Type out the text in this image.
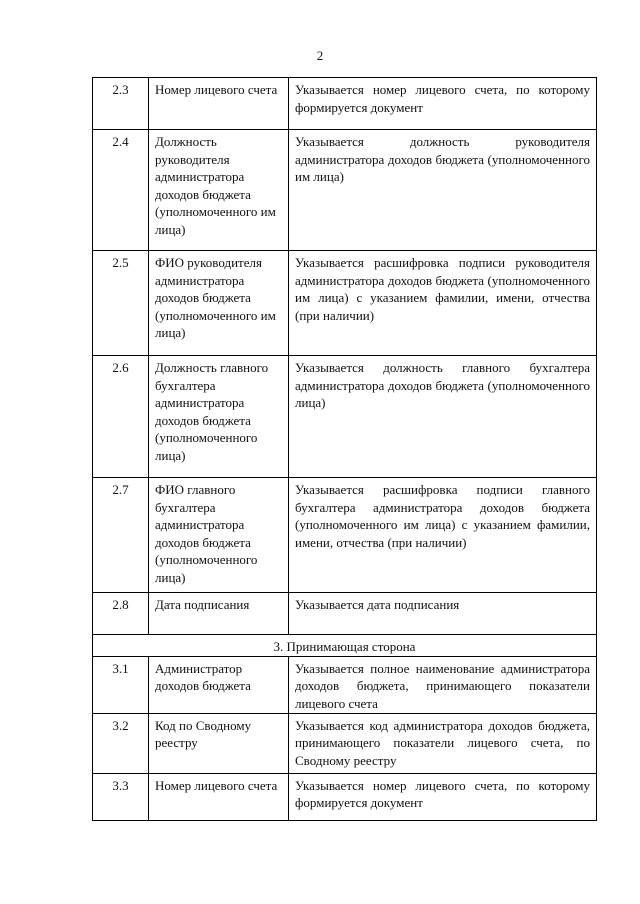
2
2.3	Номер лицевого счета	Указывается номер лицевого счета, по которому формируется документ
2.4	Должность руководителя администратора доходов бюджета (уполномоченного им лица)	Указывается должность руководителя администратора доходов бюджета (уполномоченного им лица)
2.5	ФИО руководителя администратора доходов бюджета (уполномоченного им лица)	Указывается расшифровка подписи руководителя администратора доходов бюджета (уполномоченного им лица) с указанием фамилии, имени, отчества (при наличии)
2.6	Должность главного бухгалтера администратора доходов бюджета (уполномоченного лица)	Указывается должность главного бухгалтера администратора доходов бюджета (уполномоченного лица)
2.7	ФИО главного бухгалтера администратора доходов бюджета (уполномоченного лица)	Указывается расшифровка подписи главного бухгалтера администратора доходов бюджета (уполномоченного им лица) с указанием фамилии, имени, отчества (при наличии)
2.8	Дата подписания	Указывается дата подписания
3. Принимающая сторона		
3.1	Администратор доходов бюджета	Указывается полное наименование администратора доходов бюджета, принимающего показатели лицевого счета
3.2	Код по Сводному реестру	Указывается код администратора доходов бюджета, принимающего показатели лицевого счета, по Сводному реестру
3.3	Номер лицевого счета	Указывается номер лицевого счета, по которому формируется документ
